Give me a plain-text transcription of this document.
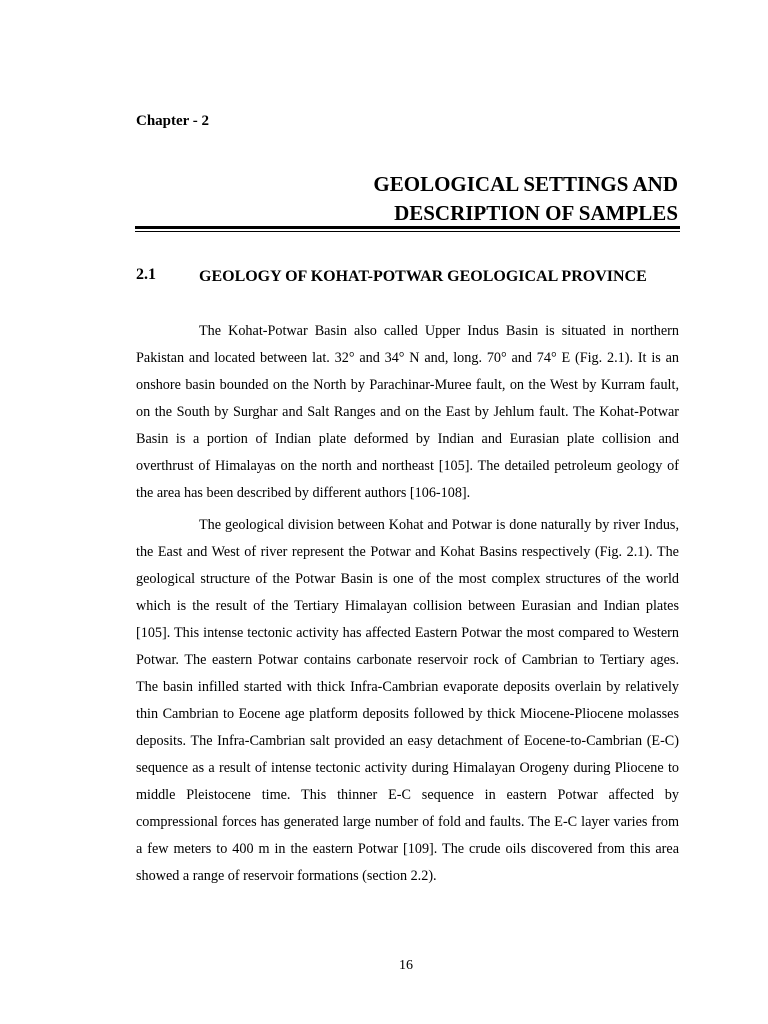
Chapter - 2
GEOLOGICAL SETTINGS AND DESCRIPTION OF SAMPLES
2.1	GEOLOGY OF KOHAT-POTWAR GEOLOGICAL PROVINCE

The Kohat-Potwar Basin also called Upper Indus Basin is situated in northern Pakistan and located between lat. 32° and 34° N and, long. 70° and 74° E (Fig. 2.1). It is an onshore basin bounded on the North by Parachinar-Muree fault, on the West by Kurram fault, on the South by Surghar and Salt Ranges and on the East by Jehlum fault. The Kohat-Potwar Basin is a portion of Indian plate deformed by Indian and Eurasian plate collision and overthrust of Himalayas on the north and northeast [105]. The detailed petroleum geology of the area has been described by different authors [106-108].

The geological division between Kohat and Potwar is done naturally by river Indus, the East and West of river represent the Potwar and Kohat Basins respectively (Fig. 2.1). The geological structure of the Potwar Basin is one of the most complex structures of the world which is the result of the Tertiary Himalayan collision between Eurasian and Indian plates [105]. This intense tectonic activity has affected Eastern Potwar the most compared to Western Potwar. The eastern Potwar contains carbonate reservoir rock of Cambrian to Tertiary ages. The basin infilled started with thick Infra-Cambrian evaporate deposits overlain by relatively thin Cambrian to Eocene age platform deposits followed by thick Miocene-Pliocene molasses deposits. The Infra-Cambrian salt provided an easy detachment of Eocene-to-Cambrian (E-C) sequence as a result of intense tectonic activity during Himalayan Orogeny during Pliocene to middle Pleistocene time. This thinner E-C sequence in eastern Potwar affected by compressional forces has generated large number of fold and faults. The E-C layer varies from a few meters to 400 m in the eastern Potwar [109]. The crude oils discovered from this area showed a range of reservoir formations (section 2.2).

16
